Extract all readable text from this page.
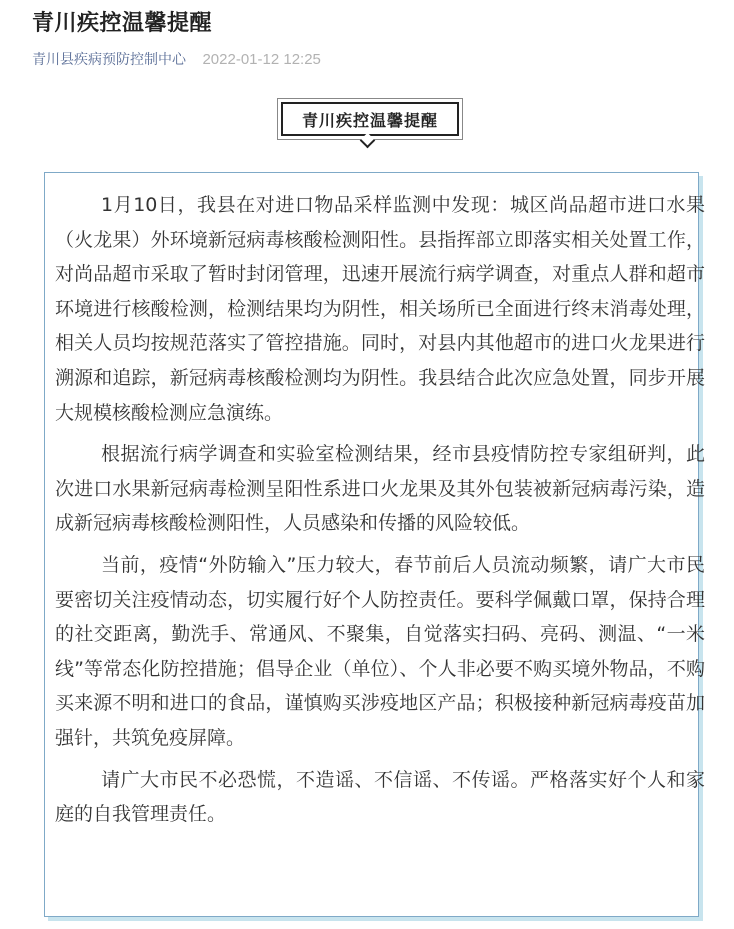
青川疾控温馨提醒
青川县疾病预防控制中心 2022-01-12 12:25
青川疾控温馨提醒

1月10日，我县在对进口物品采样监测中发现：城区尚品超市进口水果（火龙果）外环境新冠病毒核酸检测阳性。县指挥部立即落实相关处置工作，对尚品超市采取了暂时封闭管理，迅速开展流行病学调查，对重点人群和超市环境进行核酸检测，检测结果均为阴性，相关场所已全面进行终末消毒处理，相关人员均按规范落实了管控措施。同时，对县内其他超市的进口火龙果进行溯源和追踪，新冠病毒核酸检测均为阴性。我县结合此次应急处置，同步开展大规模核酸检测应急演练。

根据流行病学调查和实验室检测结果，经市县疫情防控专家组研判，此次进口水果新冠病毒检测呈阳性系进口火龙果及其外包装被新冠病毒污染，造成新冠病毒核酸检测阳性，人员感染和传播的风险较低。

当前，疫情“外防输入”压力较大，春节前后人员流动频繁，请广大市民要密切关注疫情动态，切实履行好个人防控责任。要科学佩戴口罩，保持合理的社交距离，勤洗手、常通风、不聚集，自觉落实扫码、亮码、测温、“一米线”等常态化防控措施；倡导企业（单位）、个人非必要不购买境外物品，不购买来源不明和进口的食品，谨慎购买涉疫地区产品；积极接种新冠病毒疫苗加强针，共筑免疫屏障。

请广大市民不必恐慌，不造谣、不信谣、不传谣。严格落实好个人和家庭的自我管理责任。
